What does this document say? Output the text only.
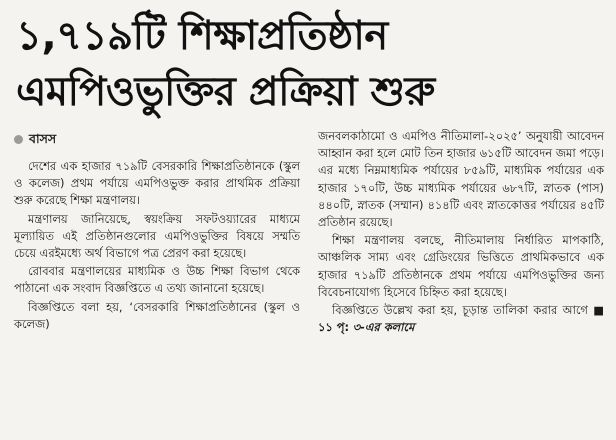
১,৭১৯টি শিক্ষাপ্রতিষ্ঠান
এমপিওভুক্তির প্রক্রিয়া শুরু
বাসস

দেশের এক হাজার ৭১৯টি বেসরকারি শিক্ষাপ্রতিষ্ঠানকে (স্কুল ও কলেজ) প্রথম পর্যায়ে এমপিওভুক্ত করার প্রাথমিক প্রক্রিয়া শুরু করেছে শিক্ষা মন্ত্রণালয়।

মন্ত্রণালয় জানিয়েছে, স্বয়ংক্রিয় সফটওয়্যারের মাধ্যমে মূল্যায়িত এই প্রতিষ্ঠানগুলোর এমপিওভুক্তির বিষয়ে সম্মতি চেয়ে এরইমধ্যে অর্থ বিভাগে পত্র প্রেরণ করা হয়েছে।

রোববার মন্ত্রণালয়ের মাধ্যমিক ও উচ্চ শিক্ষা বিভাগ থেকে পাঠানো এক সংবাদ বিজ্ঞপ্তিতে এ তথ্য জানানো হয়েছে।

বিজ্ঞপ্তিতে বলা হয়, ‘বেসরকারি শিক্ষাপ্রতিষ্ঠানের (স্কুল ও কলেজ)

জনবলকাঠামো ও এমপিও নীতিমালা-২০২৫’ অনুযায়ী আবেদন আহ্বান করা হলে মোট তিন হাজার ৬১৫টি আবেদন জমা পড়ে। এর মধ্যে নিম্নমাধ্যমিক পর্যায়ের ৮৫৯টি, মাধ্যমিক পর্যায়ের এক হাজার ১৭০টি, উচ্চ মাধ্যমিক পর্যায়ের ৬৮৭টি, স্নাতক (পাস) ৪৪০টি, স্নাতক (সম্মান) ৪১৪টি এবং স্নাতকোত্তর পর্যায়ের ৪৫টি প্রতিষ্ঠান রয়েছে।

শিক্ষা মন্ত্রণালয় বলছে, নীতিমালায় নির্ধারিত মাপকাঠি, আঞ্চলিক সাম্য এবং গ্রেডিংয়ের ভিত্তিতে প্রাথমিকভাবে এক হাজার ৭১৯টি প্রতিষ্ঠানকে প্রথম পর্যায়ে এমপিওভুক্তির জন্য বিবেচনাযোগ্য হিসেবে চিহ্নিত করা হয়েছে।

বিজ্ঞপ্তিতে উল্লেখ করা হয়, চূড়ান্ত তালিকা করার আগে ■ ১১ পৃ: ৩-এর কলামে
